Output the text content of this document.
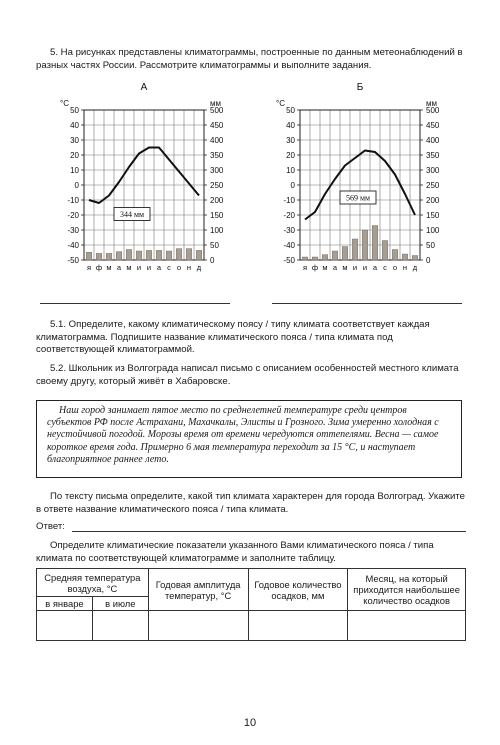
5. На рисунках представлены климатограммы, построенные по данным метеонаблюдений в разных частях России. Рассмотрите климатограммы и выполните задания.

А
°C	мм
50	500
40	450
30	400
20	350
10	300
0	250
-10	200
-20	150
-30	100
-40	50
-50	0
я ф м а м и и а с о н д
344 мм
Б
°C	мм
50	500
40	450
30	400
20	350
10	300
0	250
-10	200
-20	150
-30	100
-40	50
-50	0
я ф м а м и и а с о н д
569 мм

5.1. Определите, какому климатическому поясу / типу климата соответствует каждая климатограмма. Подпишите название климатического пояса / типа климата под соответствующей климатограммой.

5.2. Школьник из Волгограда написал письмо с описанием особенностей местного климата своему другу, который живёт в Хабаровске.

Наш город занимает пятое место по среднелетней температуре среди центров субъектов РФ после Астрахани, Махачкалы, Элисты и Грозного. Зима умеренно холодная с неустойчивой погодой. Морозы время от времени чередуются оттепелями. Весна — самое короткое время года. Примерно 6 мая температура переходит за 15 °С, и наступает благоприятное раннее лето.

По тексту письма определите, какой тип климата характерен для города Волгоград. Укажите в ответе название климатического пояса / типа климата.

Ответ:

Определите климатические показатели указанного Вами климатического пояса / типа климата по соответствующей климатограмме и заполните таблицу.

Средняя температура воздуха, °С		Годовая амплитуда температур, °С	Годовое количество осадков, мм	Месяц, на который приходится наибольшее количество осадков
в январе	в июле			

10
